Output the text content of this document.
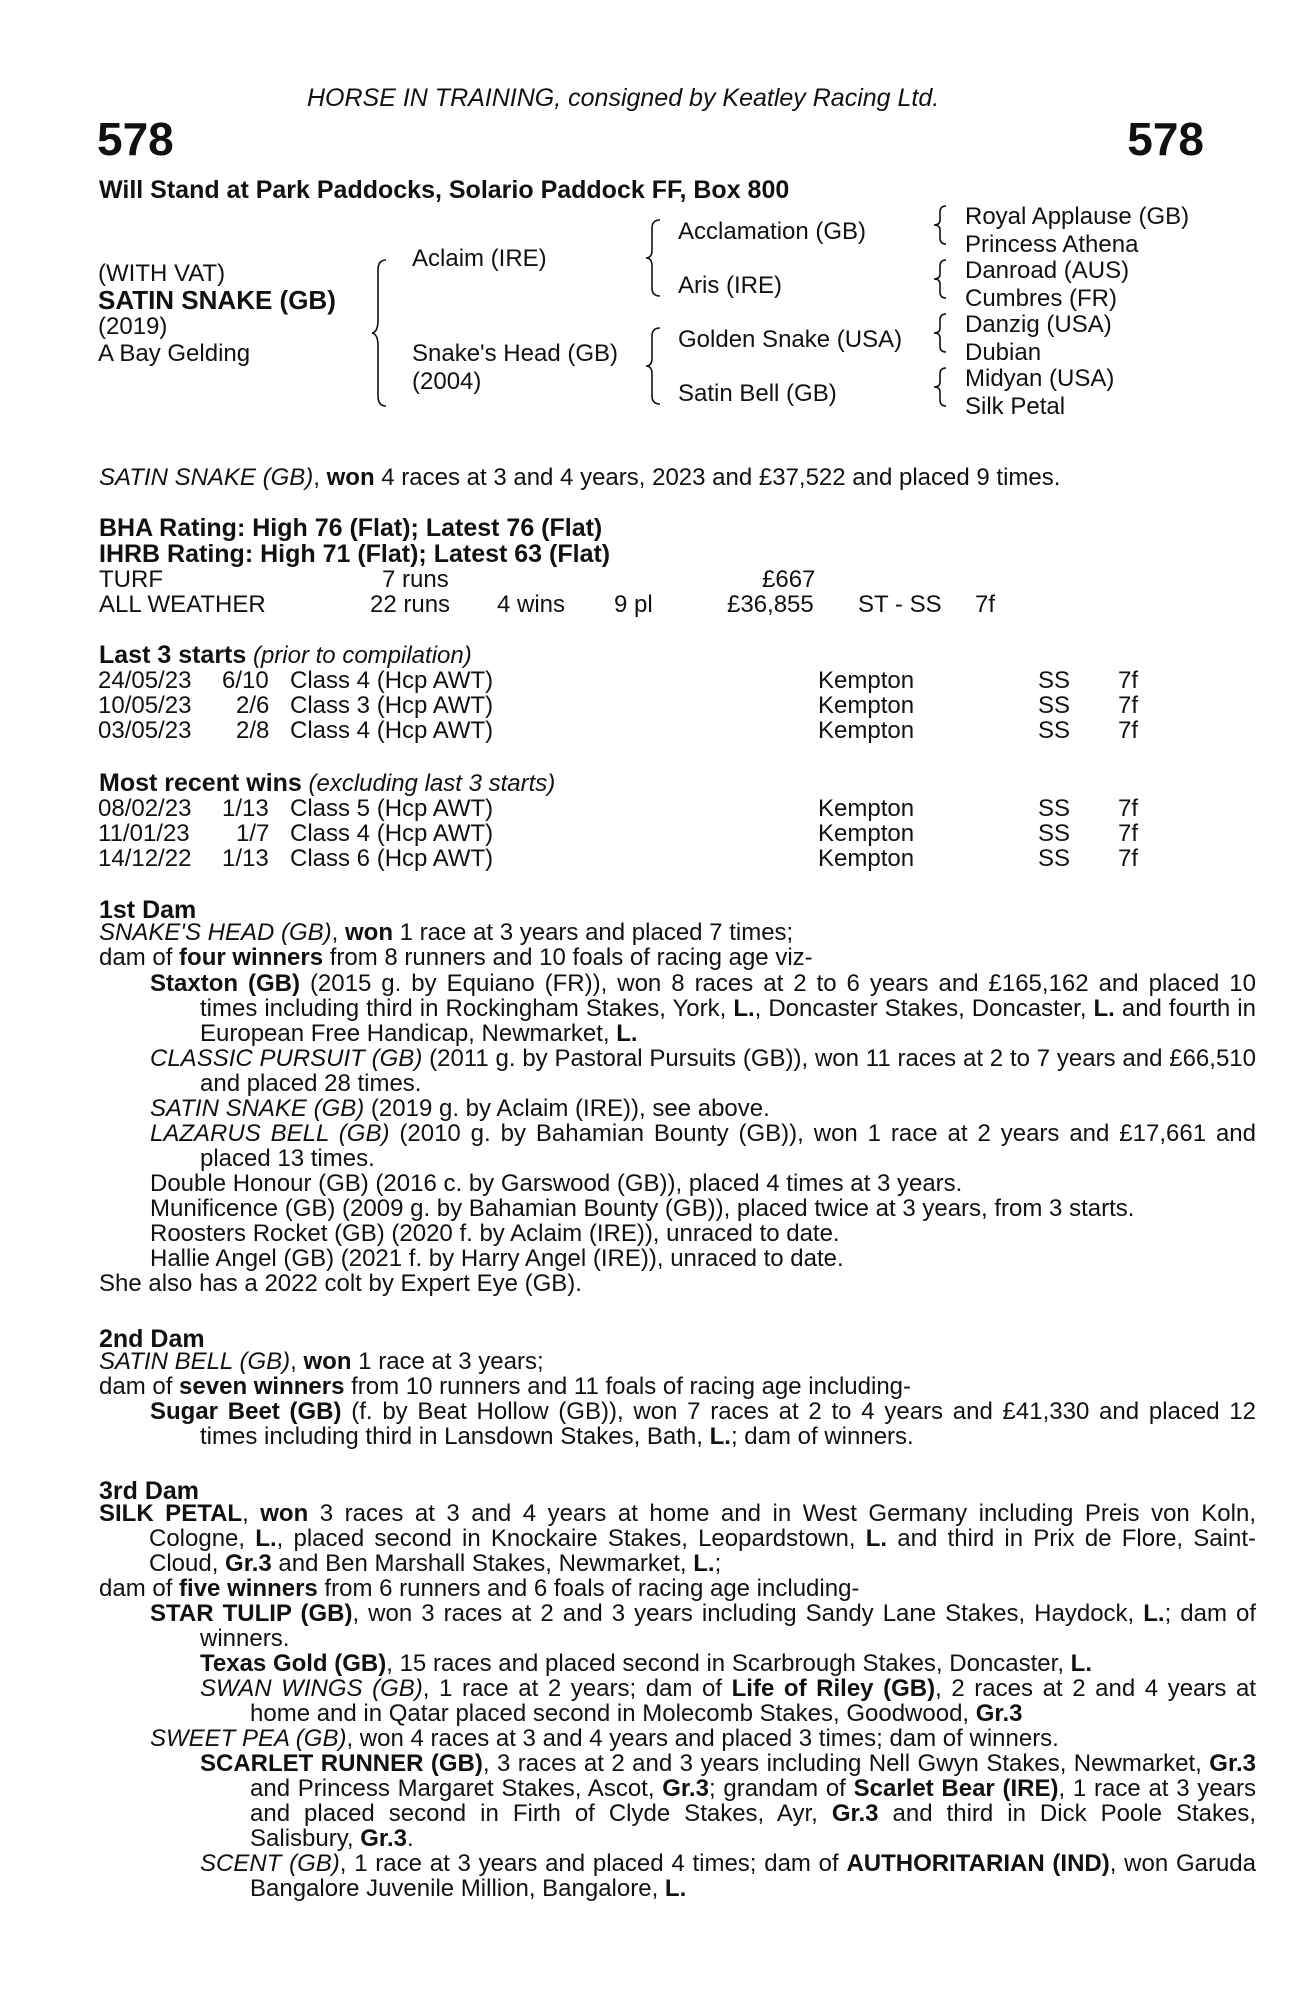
HORSE IN TRAINING, consigned by Keatley Racing Ltd.
578	578
Will Stand at Park Paddocks, Solario Paddock FF, Box 800
(WITH VAT)
SATIN SNAKE (GB)
(2019)
A Bay Gelding
Aclaim (IRE)
Snake's Head (GB)
(2004)
Acclamation (GB)
Aris (IRE)
Golden Snake (USA)
Satin Bell (GB)
Royal Applause (GB)
Princess Athena
Danroad (AUS)
Cumbres (FR)
Danzig (USA)
Dubian
Midyan (USA)
Silk Petal
SATIN SNAKE (GB), won 4 races at 3 and 4 years, 2023 and £37,522 and placed 9 times.
BHA Rating: High 76 (Flat); Latest 76 (Flat)
IHRB Rating: High 71 (Flat); Latest 63 (Flat)
TURF	7 runs	£667
ALL WEATHER	22 runs 4 wins 9 pl	£36,855 ST - SS 7f
Last 3 starts (prior to compilation)
24/05/23 6/10 Class 4 (Hcp AWT)	Kempton	SS 7f
10/05/23 2/6 Class 3 (Hcp AWT)	Kempton	SS 7f
03/05/23 2/8 Class 4 (Hcp AWT)	Kempton	SS 7f
Most recent wins (excluding last 3 starts)
08/02/23 1/13 Class 5 (Hcp AWT)	Kempton	SS 7f
11/01/23 1/7 Class 4 (Hcp AWT)	Kempton	SS 7f
14/12/22 1/13 Class 6 (Hcp AWT)	Kempton	SS 7f
1st Dam
SNAKE'S HEAD (GB), won 1 race at 3 years and placed 7 times;
dam of four winners from 8 runners and 10 foals of racing age viz-
Staxton (GB) (2015 g. by Equiano (FR)), won 8 races at 2 to 6 years and £165,162 and placed 10 times including third in Rockingham Stakes, York, L., Doncaster Stakes, Doncaster, L. and fourth in European Free Handicap, Newmarket, L.
CLASSIC PURSUIT (GB) (2011 g. by Pastoral Pursuits (GB)), won 11 races at 2 to 7 years and £66,510 and placed 28 times.
SATIN SNAKE (GB) (2019 g. by Aclaim (IRE)), see above.
LAZARUS BELL (GB) (2010 g. by Bahamian Bounty (GB)), won 1 race at 2 years and £17,661 and placed 13 times.
Double Honour (GB) (2016 c. by Garswood (GB)), placed 4 times at 3 years.
Munificence (GB) (2009 g. by Bahamian Bounty (GB)), placed twice at 3 years, from 3 starts.
Roosters Rocket (GB) (2020 f. by Aclaim (IRE)), unraced to date.
Hallie Angel (GB) (2021 f. by Harry Angel (IRE)), unraced to date.
She also has a 2022 colt by Expert Eye (GB).
2nd Dam
SATIN BELL (GB), won 1 race at 3 years;
dam of seven winners from 10 runners and 11 foals of racing age including-
Sugar Beet (GB) (f. by Beat Hollow (GB)), won 7 races at 2 to 4 years and £41,330 and placed 12 times including third in Lansdown Stakes, Bath, L.; dam of winners.
3rd Dam
SILK PETAL, won 3 races at 3 and 4 years at home and in West Germany including Preis von Koln, Cologne, L., placed second in Knockaire Stakes, Leopardstown, L. and third in Prix de Flore, Saint-Cloud, Gr.3 and Ben Marshall Stakes, Newmarket, L.;
dam of five winners from 6 runners and 6 foals of racing age including-
STAR TULIP (GB), won 3 races at 2 and 3 years including Sandy Lane Stakes, Haydock, L.; dam of winners.
Texas Gold (GB), 15 races and placed second in Scarbrough Stakes, Doncaster, L.
SWAN WINGS (GB), 1 race at 2 years; dam of Life of Riley (GB), 2 races at 2 and 4 years at home and in Qatar placed second in Molecomb Stakes, Goodwood, Gr.3
SWEET PEA (GB), won 4 races at 3 and 4 years and placed 3 times; dam of winners.
SCARLET RUNNER (GB), 3 races at 2 and 3 years including Nell Gwyn Stakes, Newmarket, Gr.3 and Princess Margaret Stakes, Ascot, Gr.3; grandam of Scarlet Bear (IRE), 1 race at 3 years and placed second in Firth of Clyde Stakes, Ayr, Gr.3 and third in Dick Poole Stakes, Salisbury, Gr.3.
SCENT (GB), 1 race at 3 years and placed 4 times; dam of AUTHORITARIAN (IND), won Garuda Bangalore Juvenile Million, Bangalore, L.
